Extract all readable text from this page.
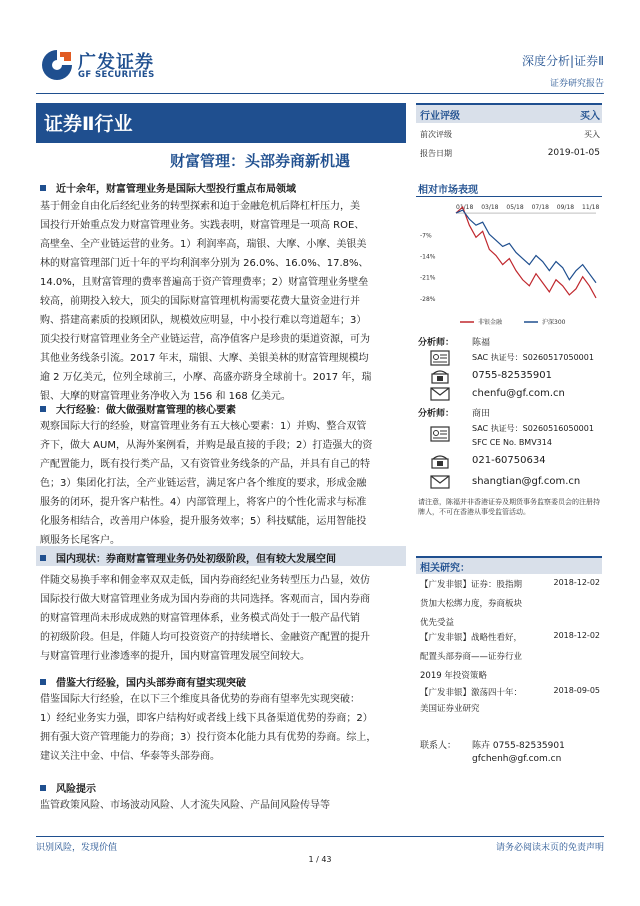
广发证券
GF SECURITIES
深度分析|证券Ⅱ
证券研究报告
证券Ⅱ行业
财富管理：头部券商新机遇
近十余年，财富管理业务是国际大型投行重点布局领域
基于佣金自由化后经纪业务的转型探索和迫于金融危机后降杠杆压力，美
国投行开始重点发力财富管理业务。实践表明，财富管理是一项高 ROE、
高壁垒、全产业链运营的业务。1）利润率高，瑞银、大摩、小摩、美银美
林的财富管理部门近十年的平均利润率分别为 26.0%、16.0%、17.8%、
14.0%，且财富管理的费率普遍高于资产管理费率；2）财富管理业务壁垒
较高，前期投入较大，顶尖的国际财富管理机构需要花费大量资金进行并
购、搭建高素质的投顾团队，规模效应明显，中小投行难以弯道超车；3）
顶尖投行财富管理业务全产业链运营，高净值客户是珍贵的渠道资源，可为
其他业务线条引流。2017 年末，瑞银、大摩、美银美林的财富管理规模均
逾 2 万亿美元，位列全球前三，小摩、高盛亦跻身全球前十。2017 年，瑞
银、大摩的财富管理业务净收入为 156 和 168 亿美元。
大行经验：做大做强财富管理的核心要素
观察国际大行的经验，财富管理业务有五大核心要素：1）并购、整合双管
齐下，做大 AUM，从海外案例看，并购是最直接的手段；2）打造强大的资
产配置能力，既有投行类产品，又有资管业务线条的产品，并具有自己的特
色；3）集团化打法，全产业链运营，满足客户各个维度的要求，形成金融
服务的闭环，提升客户粘性。4）内部管理上，将客户的个性化需求与标准
化服务相结合，改善用户体验，提升服务效率；5）科技赋能，运用智能投
顾服务长尾客户。
国内现状：券商财富管理业务仍处初级阶段，但有较大发展空间
伴随交易换手率和佣金率双双走低，国内券商经纪业务转型压力凸显，效仿
国际投行做大财富管理业务成为国内券商的共同选择。客观而言，国内券商
的财富管理尚未形成成熟的财富管理体系，业务模式尚处于一般产品代销
的初级阶段。但是，伴随人均可投资资产的持续增长、金融资产配置的提升
与财富管理行业渗透率的提升，国内财富管理发展空间较大。
借鉴大行经验，国内头部券商有望实现突破
借鉴国际大行经验，在以下三个维度具备优势的券商有望率先实现突破：
1）经纪业务实力强，即客户结构好或者线上线下具备渠道优势的券商；2）
拥有强大资产管理能力的券商；3）投行资本化能力具有优势的券商。综上，
建议关注中金、中信、华泰等头部券商。
风险提示
监管政策风险、市场波动风险、人才流失风险、产品间风险传导等
行业评级	买入
前次评级	买入
报告日期	2019-01-05
相对市场表现
-7%
-14%
-21%
-28%
01/18 03/18 05/18 07/18 09/18 11/18
非银金融	沪深300
分析师： 陈福
SAC 执证号：S0260517050001
0755-82535901
chenfu@gf.com.cn
分析师： 商田
SAC 执证号：S0260516050001
SFC CE No. BMV314
021-60750634
shangtian@gf.com.cn
请注意，陈福并非香港证券及期货事务监察委员会的注册持牌人，不可在香港从事受监管活动。
相关研究：
【广发非银】证券：股指期	2018-12-02
货加大松绑力度，券商板块
优先受益
【广发非银】战略性看好，	2018-12-02
配置头部券商——证券行业
2019 年投资策略
【广发非银】激荡四十年：	2018-09-05
美国证券业研究
联系人： 陈卉 0755-82535901
gfchenh@gf.com.cn
识别风险，发现价值	请务必阅读末页的免责声明
1 / 43
